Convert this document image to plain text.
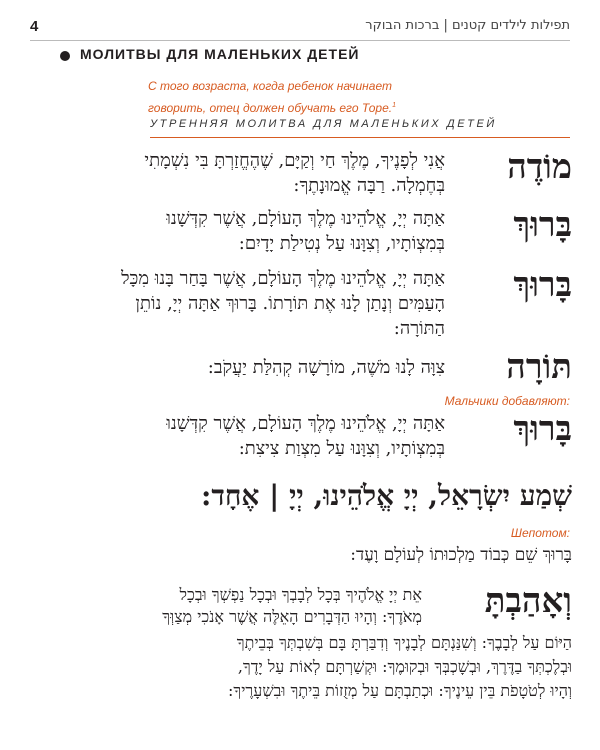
4	תפילות לילדים קטנים | ברכות הבוקר
МОЛИТВЫ ДЛЯ МАЛЕНЬКИХ ДЕТЕЙ
С того возраста, когда ребенок начинает
говорить, отец должен обучать его Торе.$^1$
УТРЕННЯЯ МОЛИТВА ДЛЯ МАЛЕНЬКИХ ДЕТЕЙ
מוֹדֶה
אֲנִי לְפָנֶיךָ, מֶלֶךְ חַי וְקַיָּם, שֶׁהֶחֱזַרְתָּ בִּי נִשְׁמָתִי
בְּחֶמְלָה. רַבָּה אֱמוּנָתֶךָ:
בָּרוּךְ
אַתָּה יְיָ, אֱלֹהֵינוּ מֶלֶךְ הָעוֹלָם, אֲשֶׁר קִדְּשָׁנוּ
בְּמִצְוֹתָיו, וְצִוָּנוּ עַל נְטִילַת יָדָיִם:
בָּרוּךְ
אַתָּה יְיָ, אֱלֹהֵינוּ מֶלֶךְ הָעוֹלָם, אֲשֶׁר בָּחַר בָּנוּ מִכָּל
הָעַמִּים וְנָתַן לָנוּ אֶת תּוֹרָתוֹ. בָּרוּךְ אַתָּה יְיָ, נוֹתֵן
הַתּוֹרָה:
תּוֹרָה
צִוָּה לָנוּ מֹשֶׁה, מוֹרָשָׁה קְהִלַּת יַעֲקֹב:
Мальчики добавляют:
בָּרוּךְ
אַתָּה יְיָ, אֱלֹהֵינוּ מֶלֶךְ הָעוֹלָם, אֲשֶׁר קִדְּשָׁנוּ
בְּמִצְוֹתָיו, וְצִוָּנוּ עַל מִצְוַת צִיצִת:
שְׁמַע יִשְׂרָאֵל, יְיָ אֱלֹהֵינוּ, יְיָ | אֶחָד:
Шепотом:
בָּרוּךְ שֵׁם כְּבוֹד מַלְכוּתוֹ לְעוֹלָם וָעֶד:
וְאָהַבְתָּ
אֵת יְיָ אֱלֹהֶיךָ בְּכָל לְבָבְךָ וּבְכָל נַפְשְׁךָ וּבְכָל
מְאֹדֶךָ: וְהָיוּ הַדְּבָרִים הָאֵלֶּה אֲשֶׁר אָנֹכִי מְצַוְּךָ
הַיּוֹם עַל לְבָבֶךָ: וְשִׁנַּנְתָּם לְבָנֶיךָ וְדִבַּרְתָּ בָּם בְּשִׁבְתְּךָ בְּבֵיתֶךָ
וּבְלֶכְתְּךָ בַדֶּרֶךְ, וּבְשָׁכְבְּךָ וּבְקוּמֶךָ: וּקְשַׁרְתָּם לְאוֹת עַל יָדֶךָ,
וְהָיוּ לְטֹטָפֹת בֵּין עֵינֶיךָ: וּכְתַבְתָּם עַל מְזֻזוֹת בֵּיתֶךָ וּבִשְׁעָרֶיךָ:
